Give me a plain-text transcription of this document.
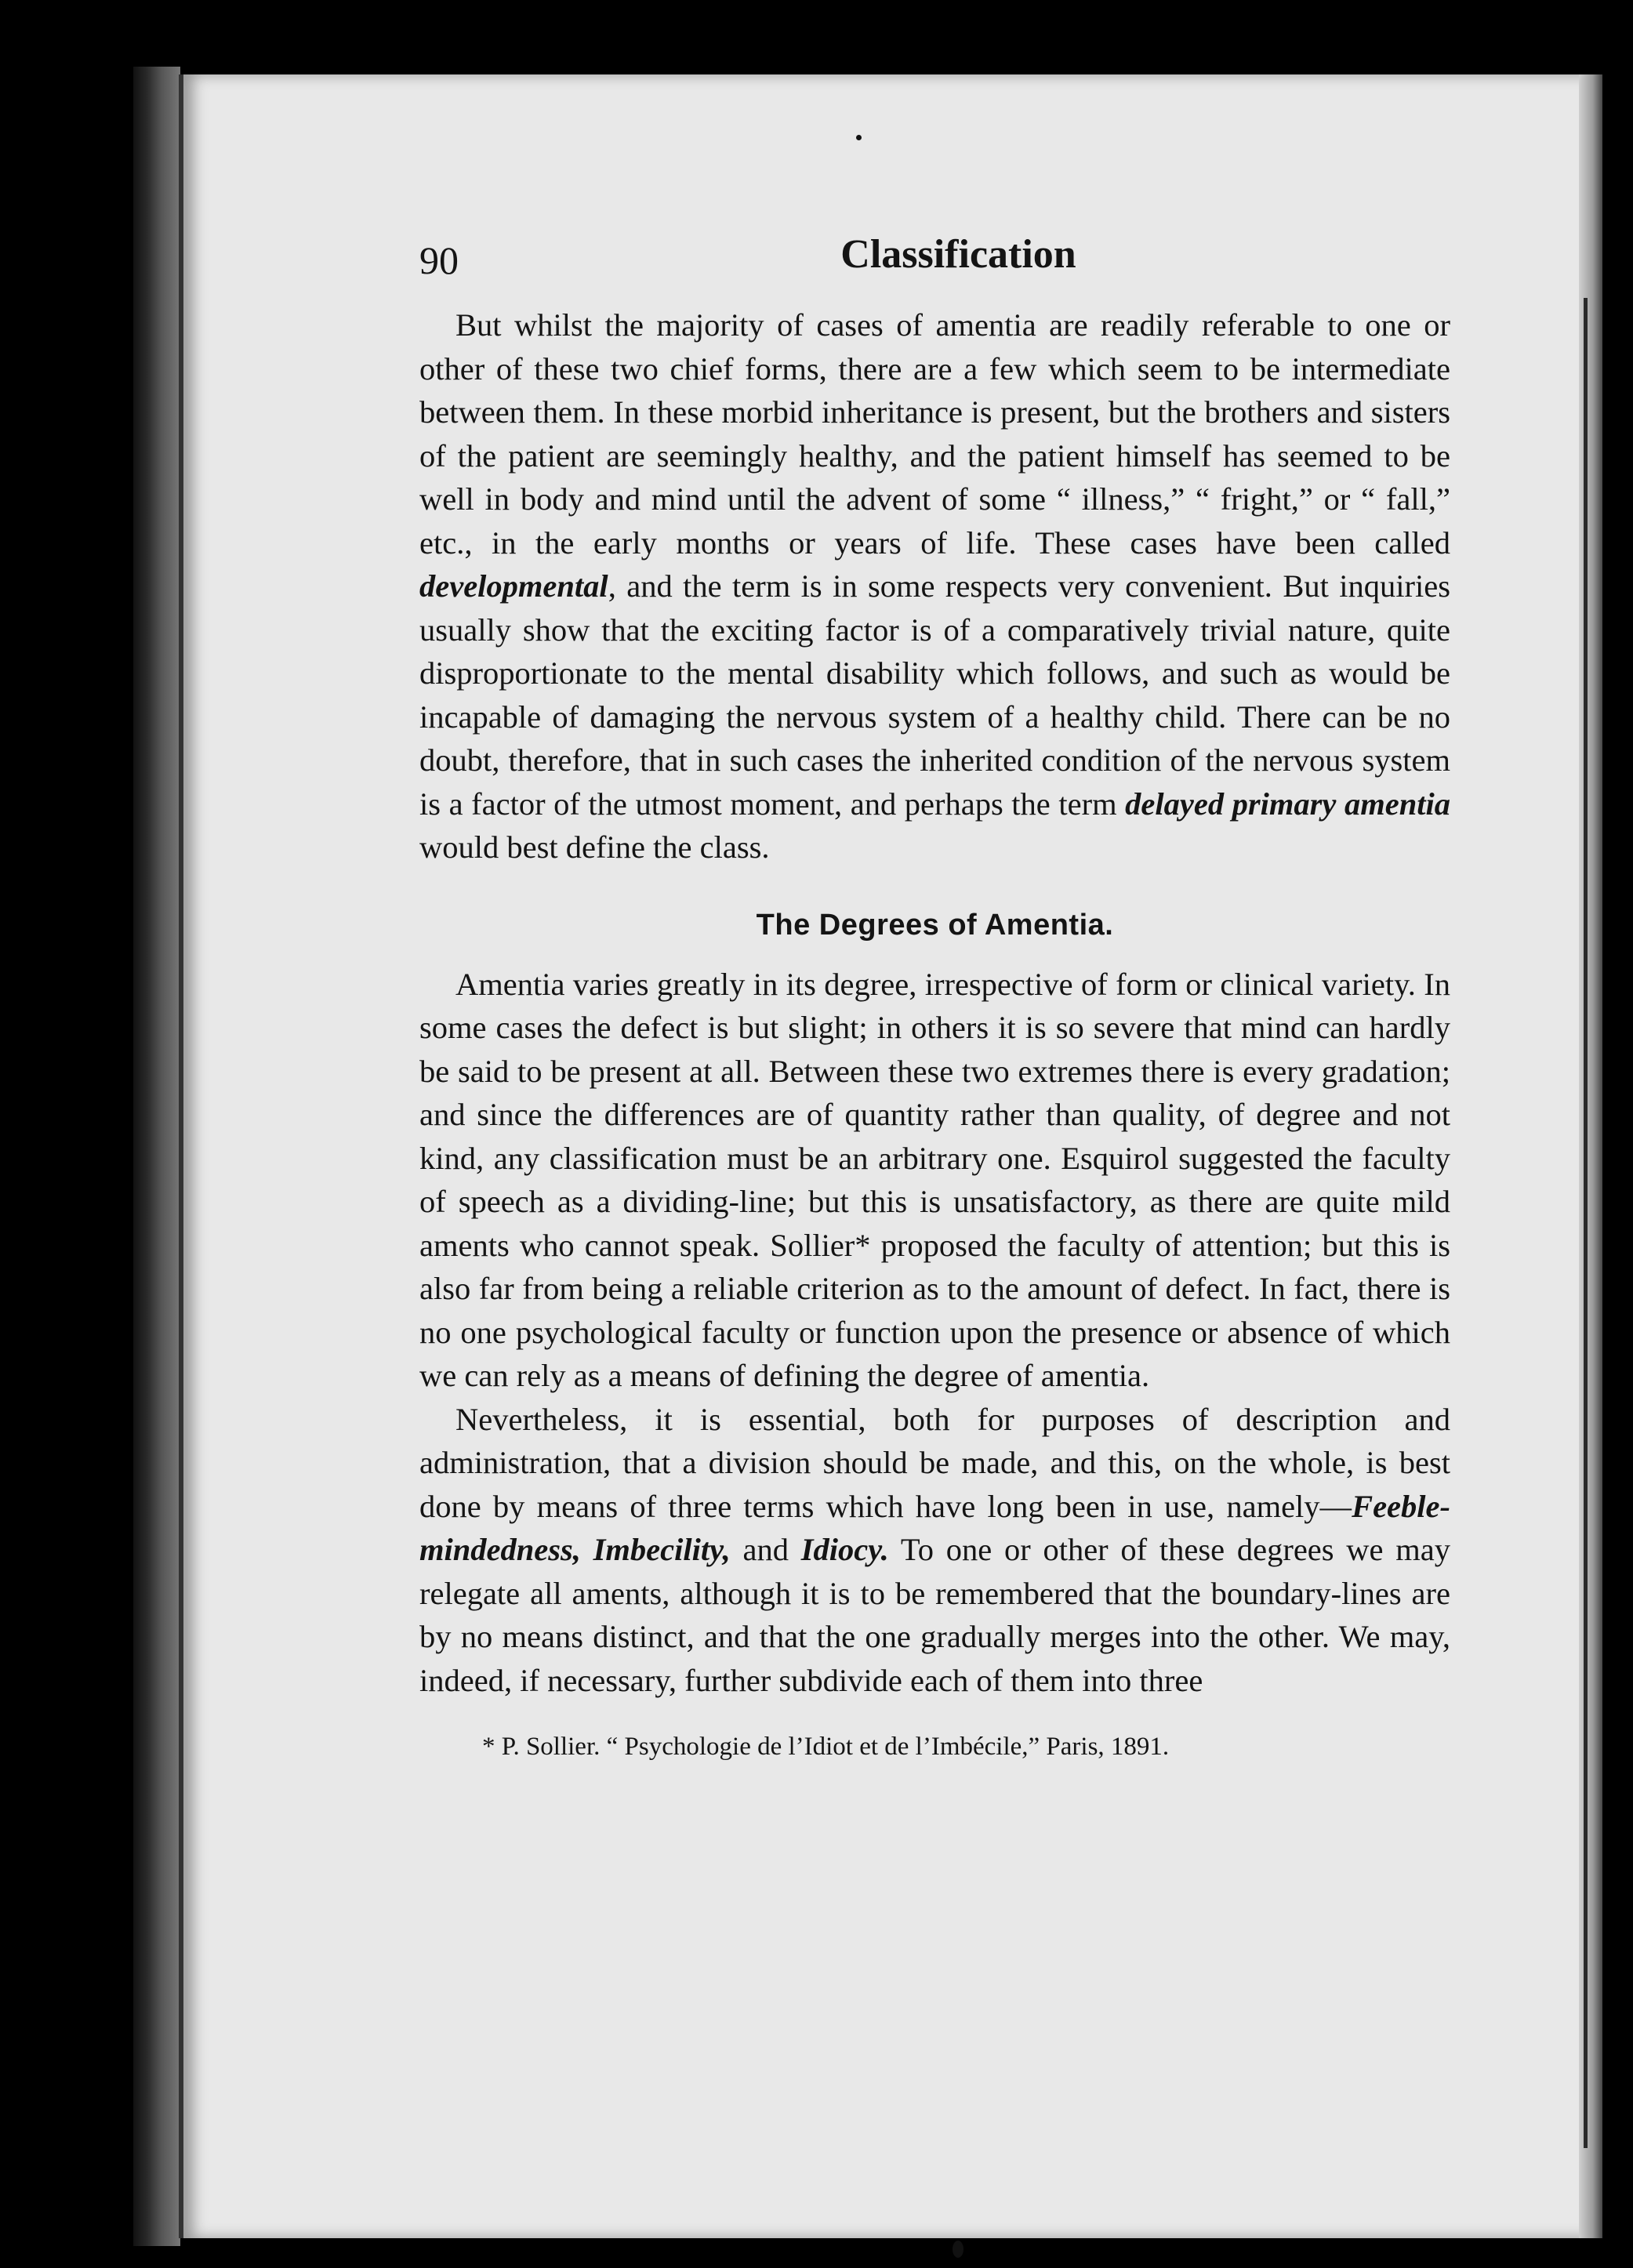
90	Classification

But whilst the majority of cases of amentia are readily referable to one or other of these two chief forms, there are a few which seem to be intermediate between them. In these morbid inheritance is present, but the brothers and sisters of the patient are seemingly healthy, and the patient himself has seemed to be well in body and mind until the advent of some “ illness,” “ fright,” or “ fall,” etc., in the early months or years of life. These cases have been called developmental, and the term is in some respects very convenient. But inquiries usually show that the exciting factor is of a comparatively trivial nature, quite disproportionate to the mental disability which follows, and such as would be incapable of damaging the nervous system of a healthy child. There can be no doubt, therefore, that in such cases the inherited condition of the nervous system is a factor of the utmost moment, and perhaps the term delayed primary amentia would best define the class.

The Degrees of Amentia.

Amentia varies greatly in its degree, irrespective of form or clinical variety. In some cases the defect is but slight; in others it is so severe that mind can hardly be said to be present at all. Between these two extremes there is every gradation; and since the differences are of quantity rather than quality, of degree and not kind, any classification must be an arbitrary one. Esquirol suggested the faculty of speech as a dividing-line; but this is unsatisfactory, as there are quite mild aments who cannot speak. Sollier* proposed the faculty of attention; but this is also far from being a reliable criterion as to the amount of defect. In fact, there is no one psychological faculty or function upon the presence or absence of which we can rely as a means of defining the degree of amentia.

Nevertheless, it is essential, both for purposes of description and administration, that a division should be made, and this, on the whole, is best done by means of three terms which have long been in use, namely—Feeble-mindedness, Imbecility, and Idiocy. To one or other of these degrees we may relegate all aments, although it is to be remembered that the boundary-lines are by no means distinct, and that the one gradually merges into the other. We may, indeed, if necessary, further subdivide each of them into three

* P. Sollier. “ Psychologie de l’Idiot et de l’Imbécile,” Paris, 1891.
